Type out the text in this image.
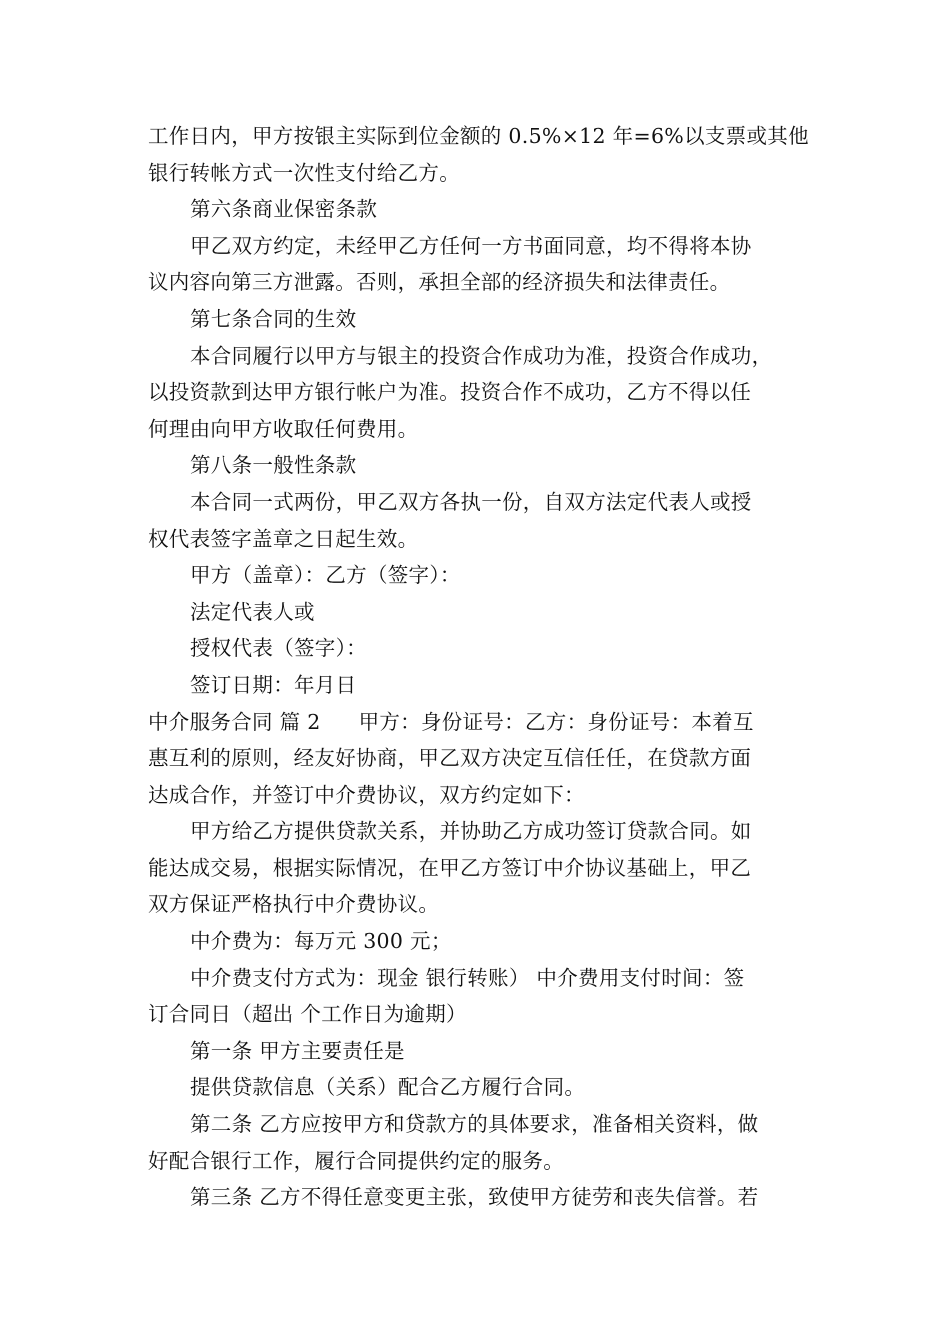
工作日内，甲方按银主实际到位金额的 0.5%×12 年=6%以支票或其他
银行转帐方式一次性支付给乙方。
第六条商业保密条款
甲乙双方约定，未经甲乙方任何一方书面同意，均不得将本协
议内容向第三方泄露。否则，承担全部的经济损失和法律责任。
第七条合同的生效
本合同履行以甲方与银主的投资合作成功为准，投资合作成功，
以投资款到达甲方银行帐户为准。投资合作不成功，乙方不得以任
何理由向甲方收取任何费用。
第八条一般性条款
本合同一式两份，甲乙双方各执一份，自双方法定代表人或授
权代表签字盖章之日起生效。
甲方（盖章）：乙方（签字）：
法定代表人或
授权代表（签字）：
签订日期：年月日
中介服务合同 篇 2 甲方：身份证号：乙方：身份证号：本着互
惠互利的原则，经友好协商，甲乙双方决定互信任任，在贷款方面
达成合作，并签订中介费协议，双方约定如下：
甲方给乙方提供贷款关系，并协助乙方成功签订贷款合同。如
能达成交易，根据实际情况，在甲乙方签订中介协议基础上，甲乙
双方保证严格执行中介费协议。
中介费为：每万元 300 元；
中介费支付方式为：现金 银行转账） 中介费用支付时间：签
订合同日（超出 个工作日为逾期）
第一条 甲方主要责任是
提供贷款信息（关系）配合乙方履行合同。
第二条 乙方应按甲方和贷款方的具体要求，准备相关资料，做
好配合银行工作，履行合同提供约定的服务。
第三条 乙方不得任意变更主张，致使甲方徒劳和丧失信誉。若
